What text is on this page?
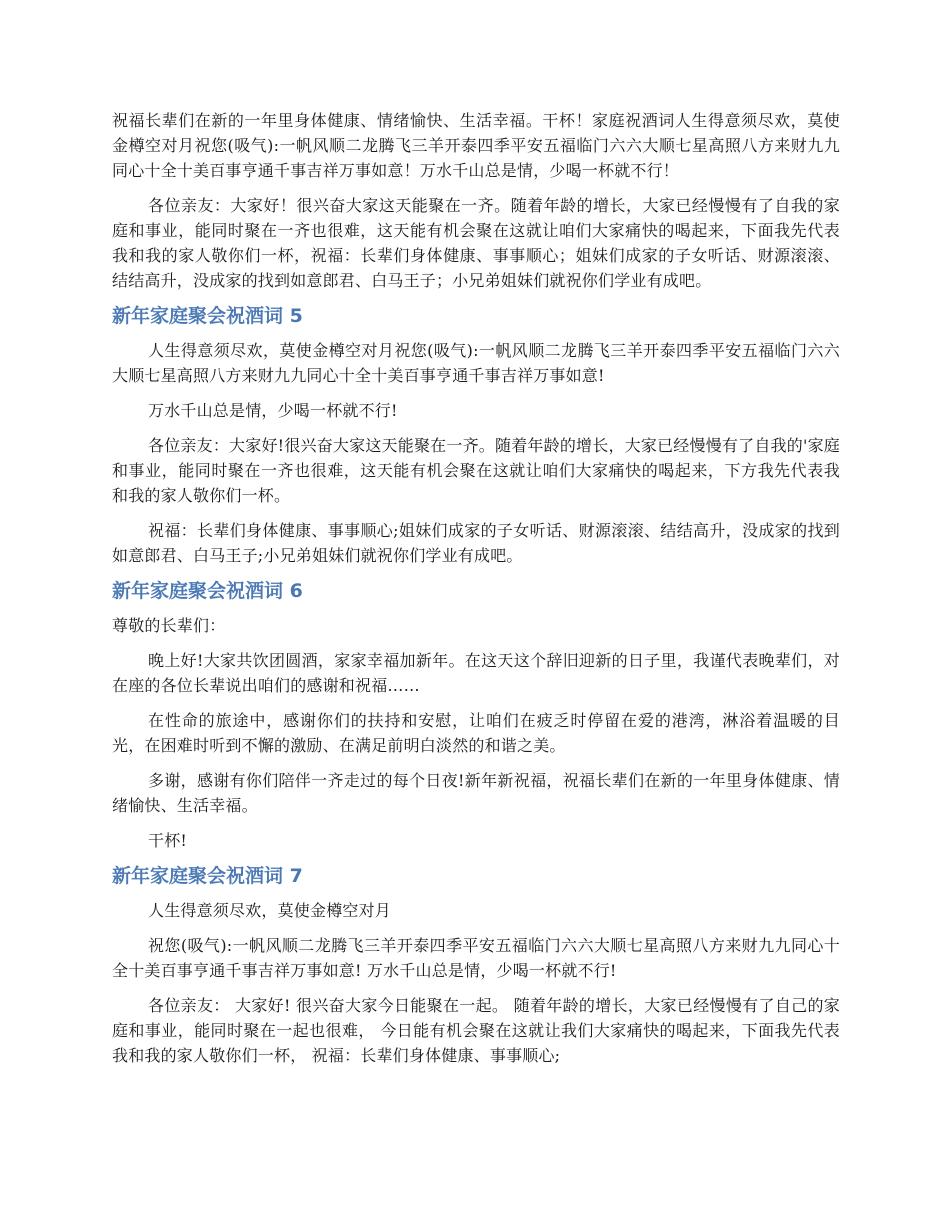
祝福长辈们在新的一年里身体健康、情绪愉快、生活幸福。干杯！家庭祝酒词人生得意须尽欢，莫使金樽空对月祝您(吸气):一帆风顺二龙腾飞三羊开泰四季平安五福临门六六大顺七星高照八方来财九九同心十全十美百事亨通千事吉祥万事如意！万水千山总是情，少喝一杯就不行！

各位亲友：大家好！很兴奋大家这天能聚在一齐。随着年龄的增长，大家已经慢慢有了自我的家庭和事业，能同时聚在一齐也很难，这天能有机会聚在这就让咱们大家痛快的喝起来，下面我先代表我和我的家人敬你们一杯，祝福：长辈们身体健康、事事顺心；姐妹们成家的子女听话、财源滚滚、结结高升，没成家的找到如意郎君、白马王子；小兄弟姐妹们就祝你们学业有成吧。

新年家庭聚会祝酒词 5

人生得意须尽欢，莫使金樽空对月祝您(吸气):一帆风顺二龙腾飞三羊开泰四季平安五福临门六六大顺七星高照八方来财九九同心十全十美百事亨通千事吉祥万事如意!

万水千山总是情，少喝一杯就不行!

各位亲友：大家好!很兴奋大家这天能聚在一齐。随着年龄的增长，大家已经慢慢有了自我的'家庭和事业，能同时聚在一齐也很难，这天能有机会聚在这就让咱们大家痛快的喝起来，下方我先代表我和我的家人敬你们一杯。

祝福：长辈们身体健康、事事顺心;姐妹们成家的子女听话、财源滚滚、结结高升，没成家的找到如意郎君、白马王子;小兄弟姐妹们就祝你们学业有成吧。

新年家庭聚会祝酒词 6

尊敬的长辈们：

晚上好!大家共饮团圆酒，家家幸福加新年。在这天这个辞旧迎新的日子里，我谨代表晚辈们，对在座的各位长辈说出咱们的感谢和祝福……

在性命的旅途中，感谢你们的扶持和安慰，让咱们在疲乏时停留在爱的港湾，淋浴着温暖的目光，在困难时听到不懈的激励、在满足前明白淡然的和谐之美。

多谢，感谢有你们陪伴一齐走过的每个日夜!新年新祝福，祝福长辈们在新的一年里身体健康、情绪愉快、生活幸福。

干杯!

新年家庭聚会祝酒词 7

人生得意须尽欢，莫使金樽空对月

祝您(吸气):一帆风顺二龙腾飞三羊开泰四季平安五福临门六六大顺七星高照八方来财九九同心十全十美百事亨通千事吉祥万事如意! 万水千山总是情，少喝一杯就不行!

各位亲友： 大家好! 很兴奋大家今日能聚在一起。 随着年龄的增长，大家已经慢慢有了自己的家庭和事业，能同时聚在一起也很难， 今日能有机会聚在这就让我们大家痛快的喝起来，下面我先代表我和我的家人敬你们一杯， 祝福：长辈们身体健康、事事顺心;
